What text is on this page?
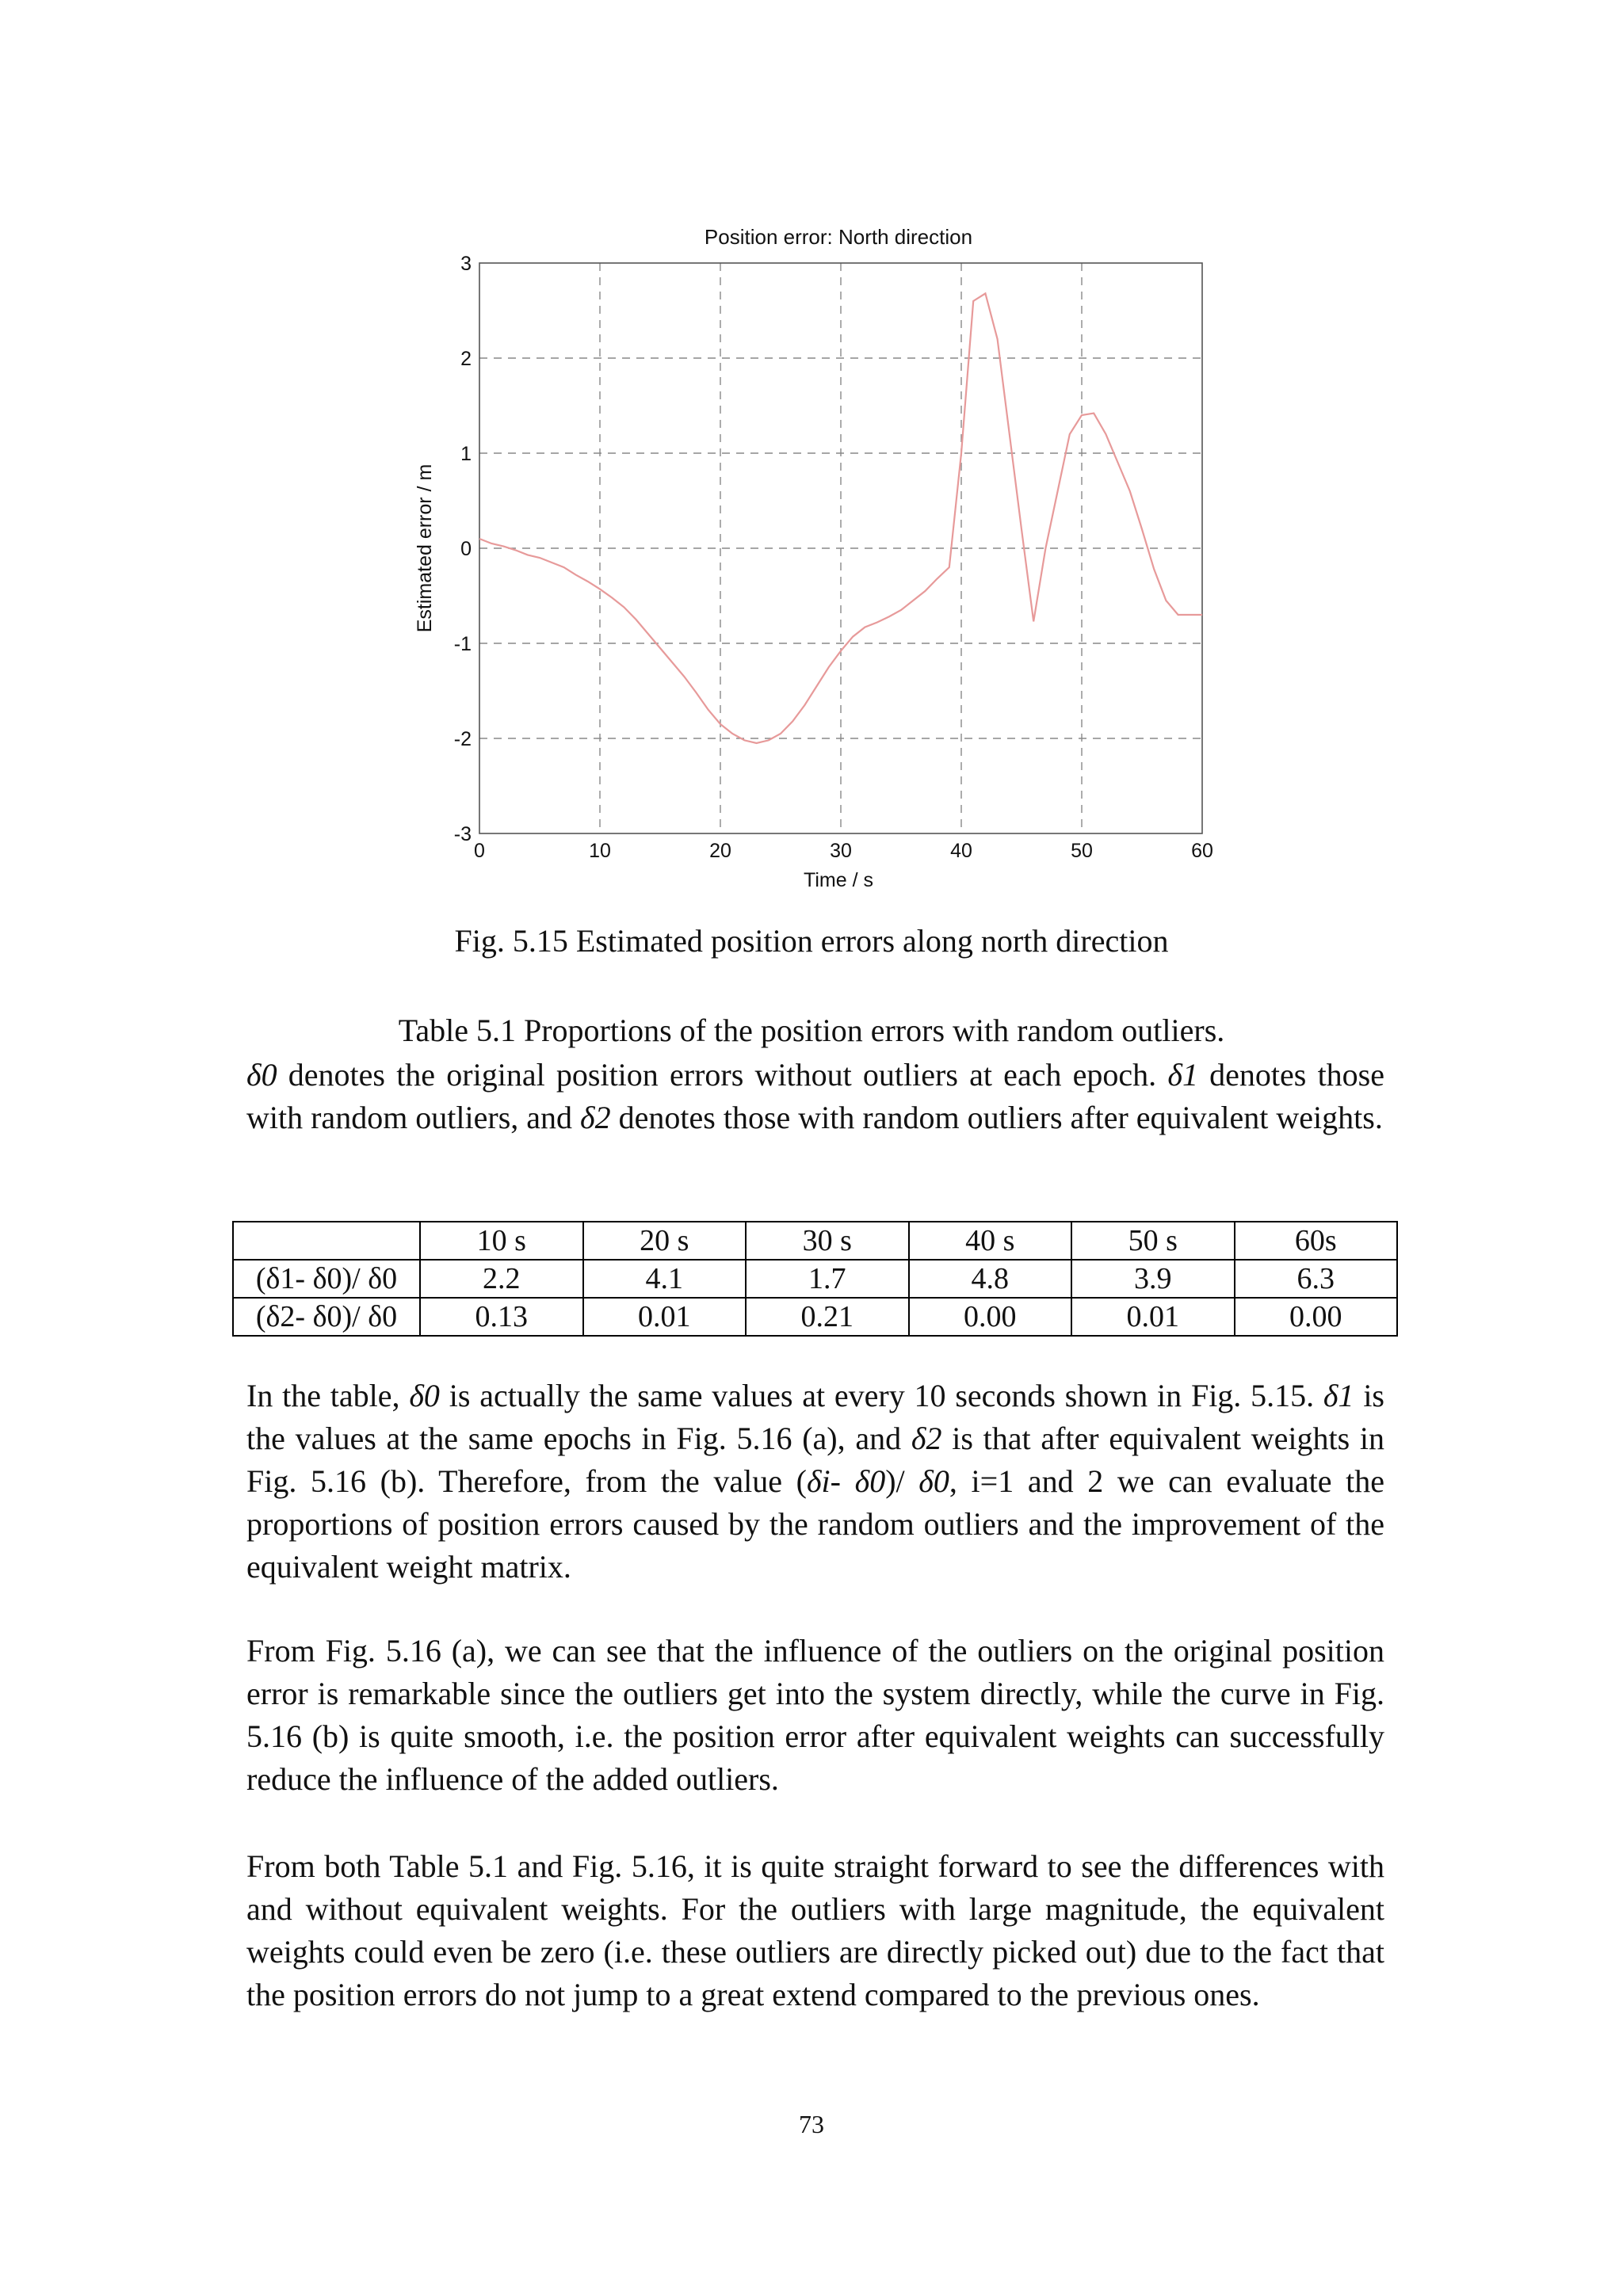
Position error: North direction
-3
-2
-1
0
1
2
3
0	10	20	30	40	50	60
Time / s
Estimated error / m
Fig. 5.15 Estimated position errors along north direction
Table 5.1 Proportions of the position errors with random outliers.

δ0 denotes the original position errors without outliers at each epoch. δ1 denotes those with random outliers, and δ2 denotes those with random outliers after equivalent weights.

	10 s	20 s	30 s	40 s	50 s	60s
(δ1- δ0)/ δ0	2.2	4.1	1.7	4.8	3.9	6.3
(δ2- δ0)/ δ0	0.13	0.01	0.21	0.00	0.01	0.00

In the table, δ0 is actually the same values at every 10 seconds shown in Fig. 5.15. δ1 is the values at the same epochs in Fig. 5.16 (a), and δ2 is that after equivalent weights in Fig. 5.16 (b). Therefore, from the value (δi- δ0)/ δ0, i=1 and 2 we can evaluate the proportions of position errors caused by the random outliers and the improvement of the equivalent weight matrix.

From Fig. 5.16 (a), we can see that the influence of the outliers on the original position error is remarkable since the outliers get into the system directly, while the curve in Fig. 5.16 (b) is quite smooth, i.e. the position error after equivalent weights can successfully reduce the influence of the added outliers.

From both Table 5.1 and Fig. 5.16, it is quite straight forward to see the differences with and without equivalent weights. For the outliers with large magnitude, the equivalent weights could even be zero (i.e. these outliers are directly picked out) due to the fact that the position errors do not jump to a great extend compared to the previous ones.

73
